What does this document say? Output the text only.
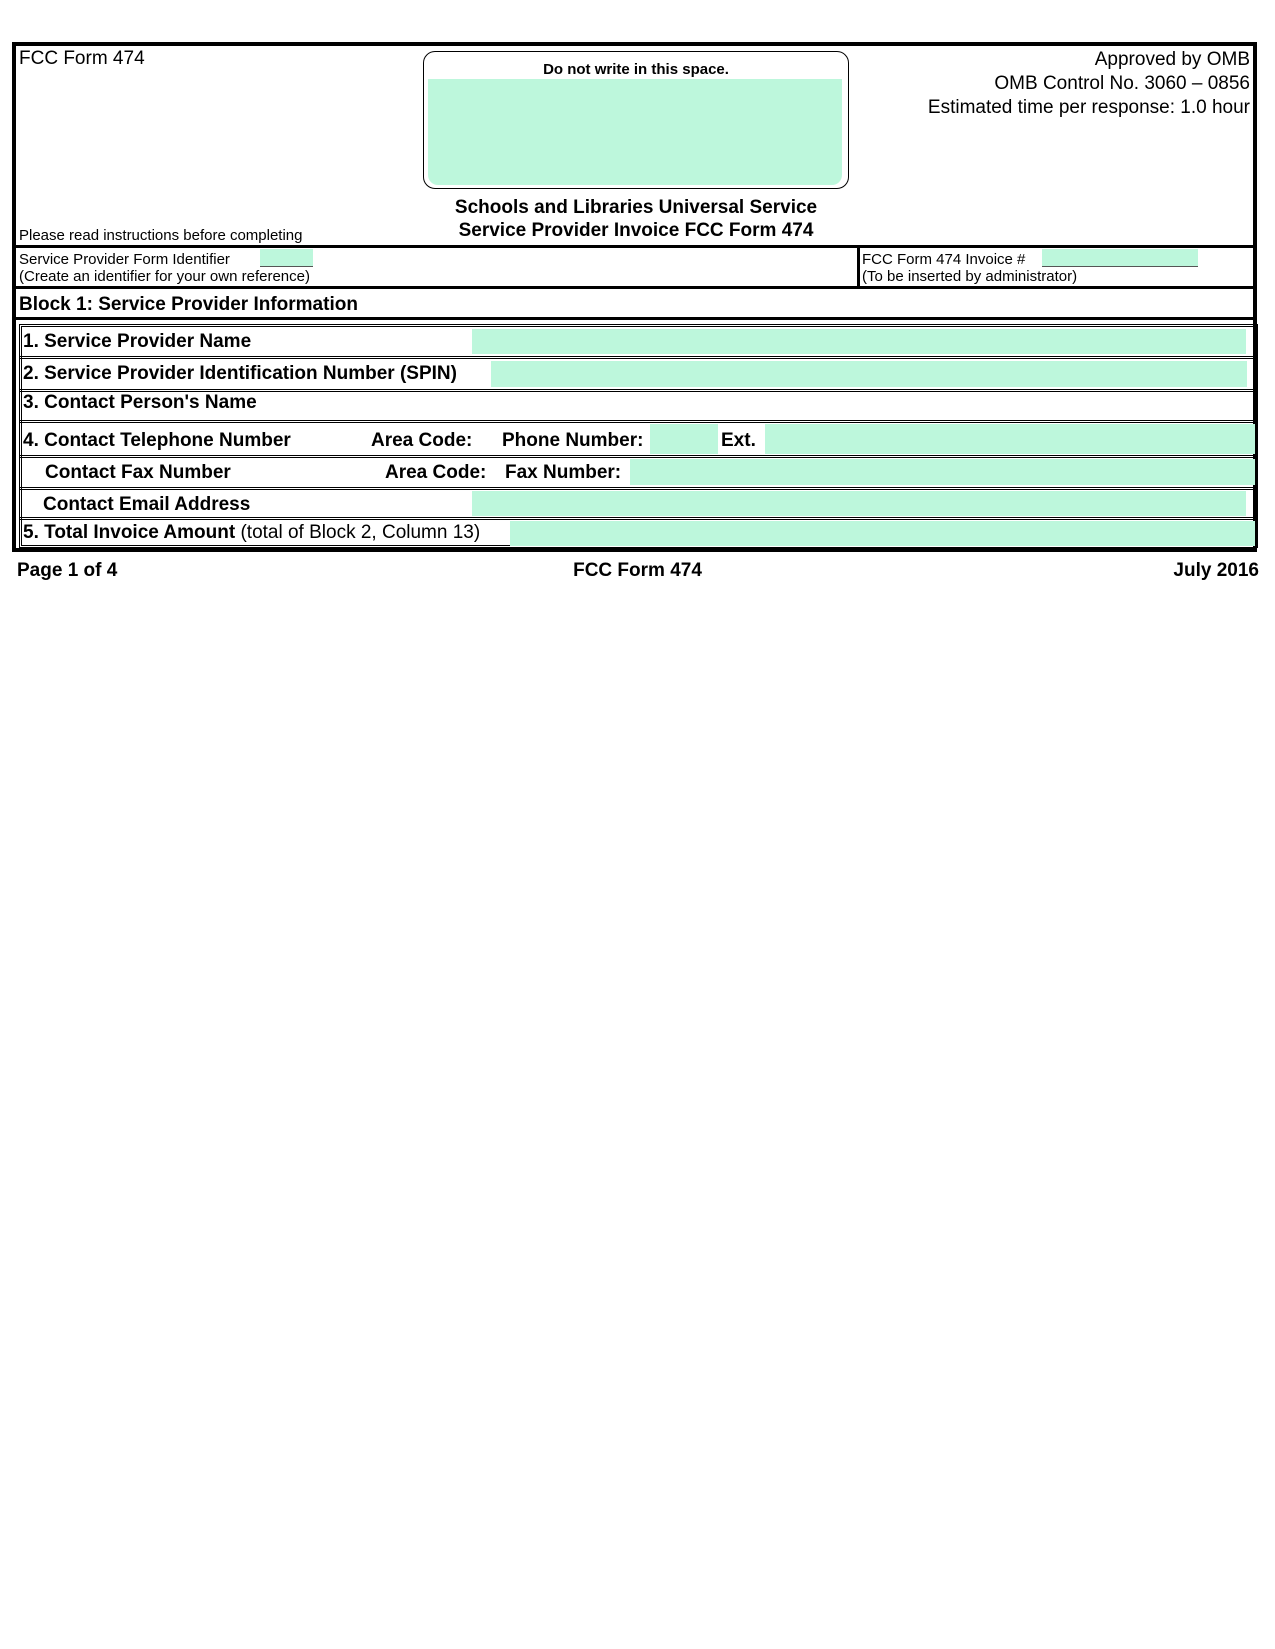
FCC Form 474
Please read instructions before completing
Do not write in this space.
Schools and Libraries Universal Service
Service Provider Invoice FCC Form 474
Approved by OMB
OMB Control No. 3060 – 0856
Estimated time per response: 1.0 hour
Service Provider Form Identifier
(Create an identifier for your own reference)
FCC Form 474 Invoice #
(To be inserted by administrator)
Block 1: Service Provider Information
1. Service Provider Name
2. Service Provider Identification Number (SPIN)
3. Contact Person's Name
4. Contact Telephone Number	Area Code: Phone Number:	Ext.
Contact Fax Number	Area Code: Fax Number:
Contact Email Address
5. Total Invoice Amount (total of Block 2, Column 13)
Page 1 of 4	FCC Form 474	July 2016
